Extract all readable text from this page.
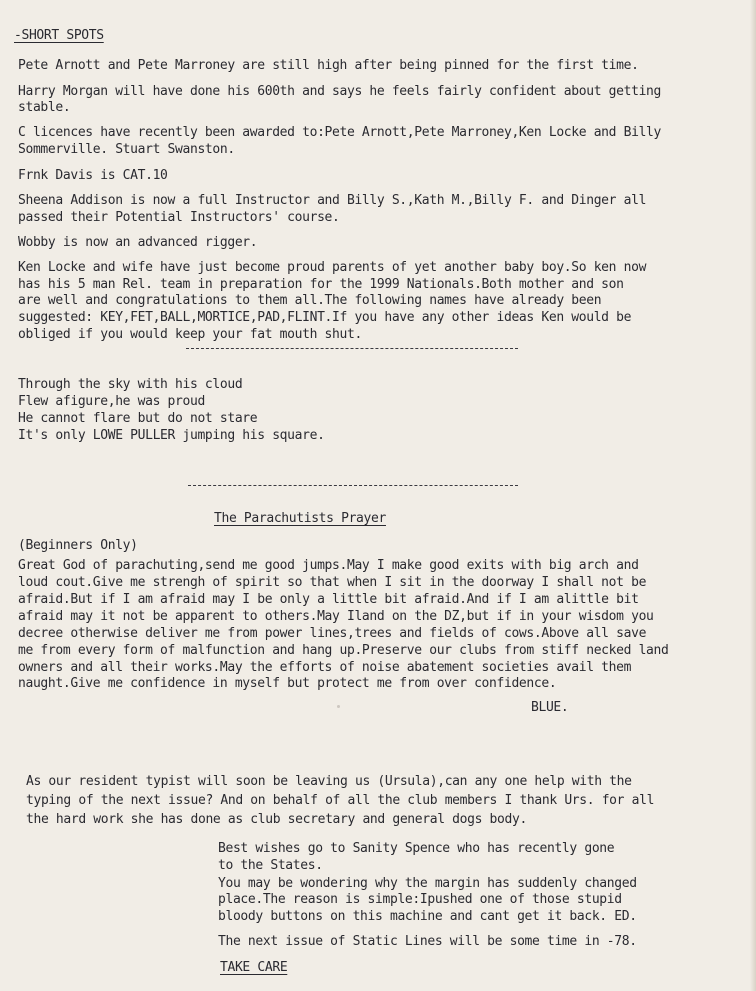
-SHORT SPOTS
Pete Arnott and Pete Marroney are still high after being pinned for the first time.
Harry Morgan will have done his 600th and says he feels fairly confident about getting
stable.
C licences have recently been awarded to:Pete Arnott,Pete Marroney,Ken Locke and Billy
Sommerville. Stuart Swanston.
Frnk Davis is CAT.10
Sheena Addison is now a full Instructor and Billy S.,Kath M.,Billy F. and Dinger all
passed their Potential Instructors' course.
Wobby is now an advanced rigger.
Ken Locke and wife have just become proud parents of yet another baby boy.So ken now
has his 5 man Rel. team in preparation for the 1999 Nationals.Both mother and son
are well and congratulations to them all.The following names have already been
suggested: KEY,FET,BALL,MORTICE,PAD,FLINT.If you have any other ideas Ken would be
obliged if you would keep your fat mouth shut.
Through the sky with his cloud
Flew afigure,he was proud
He cannot flare but do not stare
It's only LOWE PULLER jumping his square.
The Parachutists Prayer
(Beginners Only)
Great God of parachuting,send me good jumps.May I make good exits with big arch and
loud cout.Give me strengh of spirit so that when I sit in the doorway I shall not be
afraid.But if I am afraid may I be only a little bit afraid.And if I am alittle bit
afraid may it not be apparent to others.May Iland on the DZ,but if in your wisdom you
decree otherwise deliver me from power lines,trees and fields of cows.Above all save
me from every form of malfunction and hang up.Preserve our clubs from stiff necked land
owners and all their works.May the efforts of noise abatement societies avail them
naught.Give me confidence in myself but protect me from over confidence.
BLUE.
As our resident typist will soon be leaving us (Ursula),can any one help with the
typing of the next issue? And on behalf of all the club members I thank Urs. for all
the hard work she has done as club secretary and general dogs body.
Best wishes go to Sanity Spence who has recently gone
to the States.
You may be wondering why the margin has suddenly changed
place.The reason is simple:Ipushed one of those stupid
bloody buttons on this machine and cant get it back. ED.
The next issue of Static Lines will be some time in -78.
TAKE CARE
